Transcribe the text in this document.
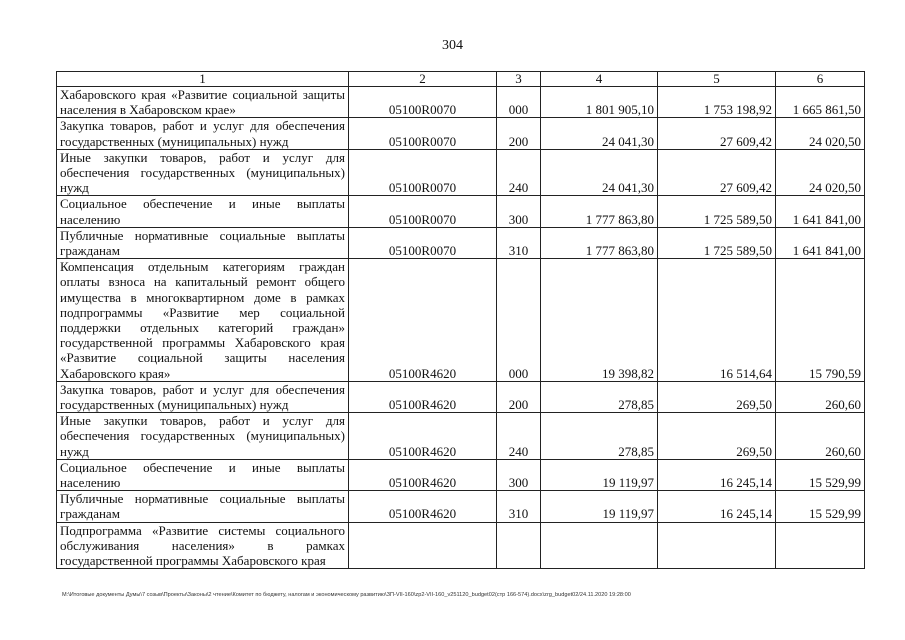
304
1	2	3	4	5	6
Хабаровского края «Развитие социальной защиты населения в Хабаровском крае»	05100R0070	000	1 801 905,10	1 753 198,92	1 665 861,50
Закупка товаров, работ и услуг для обеспечения государственных (муниципальных) нужд	05100R0070	200	24 041,30	27 609,42	24 020,50
Иные закупки товаров, работ и услуг для обеспечения государственных (муниципальных) нужд	05100R0070	240	24 041,30	27 609,42	24 020,50
Социальное обеспечение и иные выплаты населению	05100R0070	300	1 777 863,80	1 725 589,50	1 641 841,00
Публичные нормативные социальные выплаты гражданам	05100R0070	310	1 777 863,80	1 725 589,50	1 641 841,00
Компенсация отдельным категориям граждан оплаты взноса на капитальный ремонт общего имущества в многоквартирном доме в рамках подпрограммы «Развитие мер социальной поддержки отдельных категорий граждан» государственной программы Хабаровского края «Развитие социальной защиты населения Хабаровского края»	05100R4620	000	19 398,82	16 514,64	15 790,59
Закупка товаров, работ и услуг для обеспечения государственных (муниципальных) нужд	05100R4620	200	278,85	269,50	260,60
Иные закупки товаров, работ и услуг для обеспечения государственных (муниципальных) нужд	05100R4620	240	278,85	269,50	260,60
Социальное обеспечение и иные выплаты населению	05100R4620	300	19 119,97	16 245,14	15 529,99
Публичные нормативные социальные выплаты гражданам	05100R4620	310	19 119,97	16 245,14	15 529,99
Подпрограмма «Развитие системы социального обслуживания населения» в рамках государственной программы Хабаровского края					
M:\Итоговые документы Думы\7 созыв\Проекты\Законы\2 чтение\Комитет по бюджету, налогам и экономическому развитию\ЗП-VII-160\zp2-VII-160_v251120_budget02(стр 166-574).docx\zrg_budget02/24.11.2020 19:28:00
